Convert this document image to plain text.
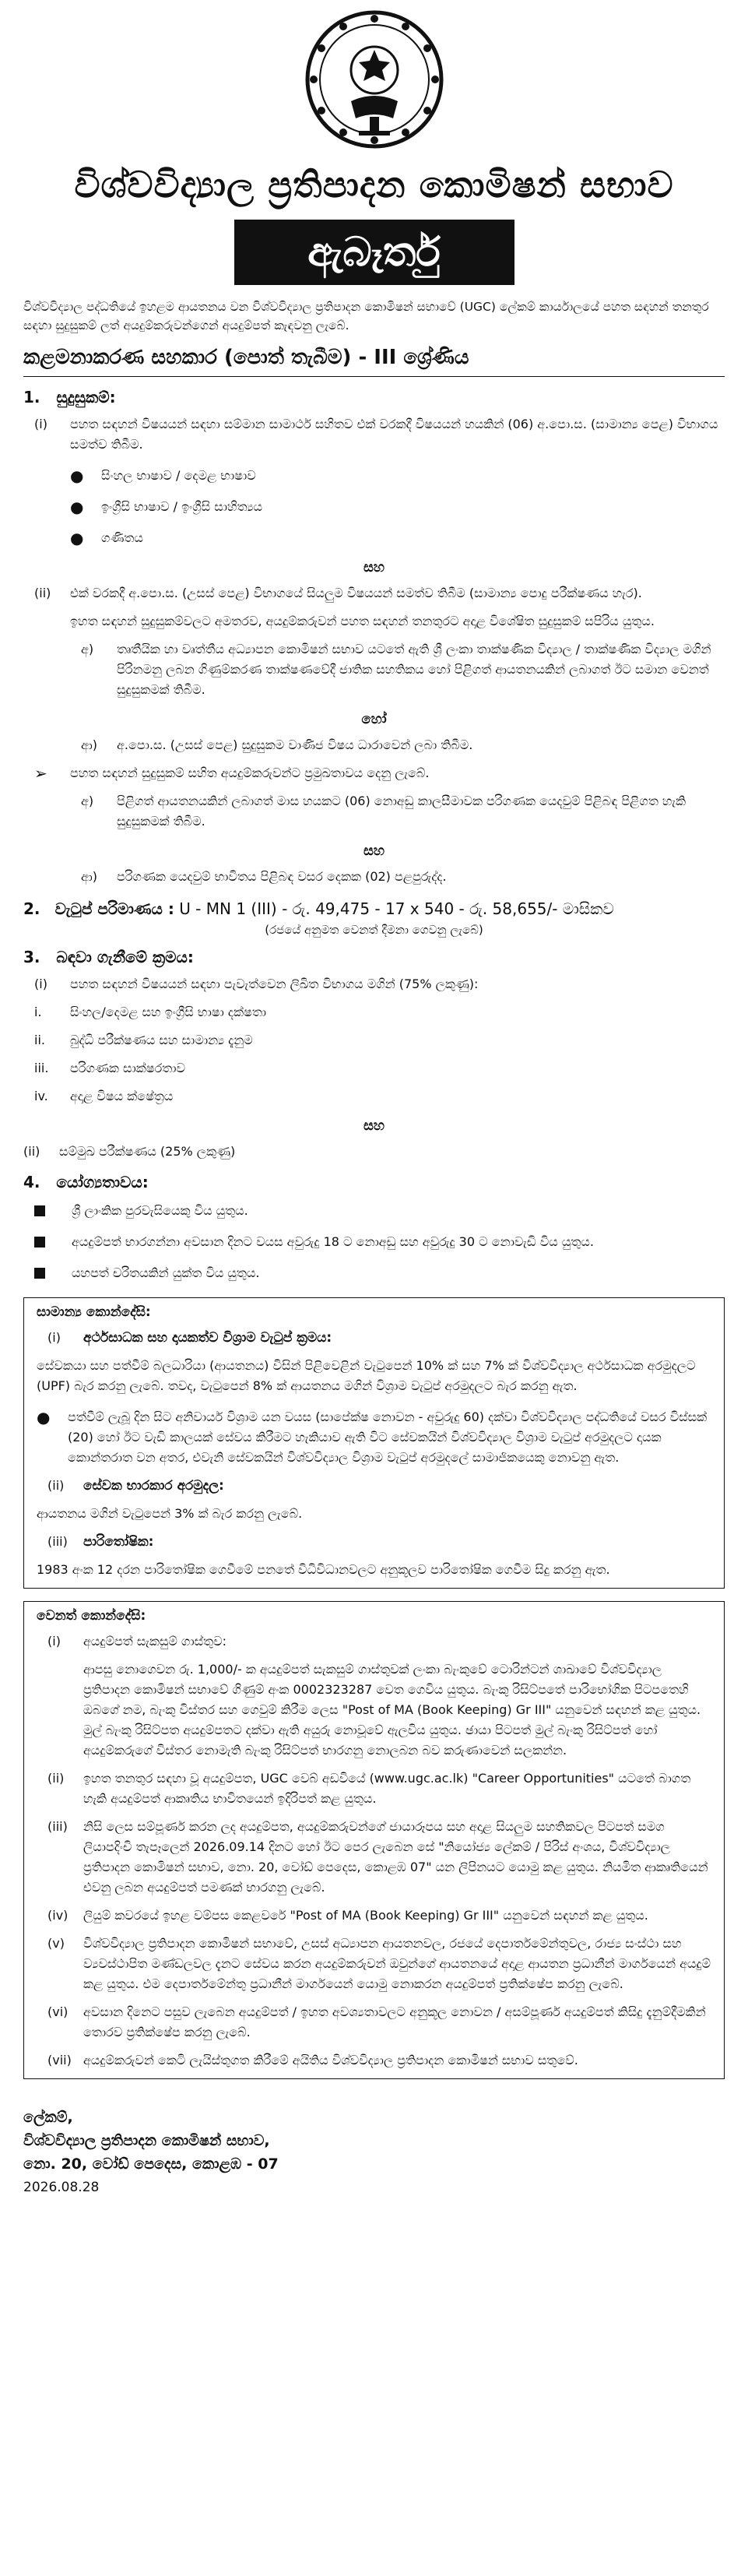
විශ්වවිද්‍යාල ප්‍රතිපාදන කොමිෂන් සභාව
ඇබෑර්තු
විශ්වවිද්‍යාල පද්ධතියේ ඉහළම ආයතනය වන විශ්වවිද්‍යාල ප්‍රතිපාදන කොමිෂන් සභාවේ (UGC) ලේකම් කාර්යාලයේ පහත සඳහන් තනතුර සඳහා සුදුසුකම් ලත් අයදුම්කරුවන්ගෙන් අයදුම්පත් කැඳවනු ලැබේ.
කළමනාකරණ සහකාර (පොත් තැබීම) - III ශ්‍රේණිය
1. සුදුසුකම්:
(i)	පහත සඳහන් විෂයයන් සඳහා සම්මාන සාමාර්ථ සහිතව එක් වරකදී විෂයයන් හයකින් (06) අ.පො.ස. (සාමාන්‍ය පෙළ) විභාගය සමත්ව තිබීම.
●	සිංහල භාෂාව / දෙමළ භාෂාව
●	ඉංග්‍රීසි භාෂාව / ඉංග්‍රීසි සාහිත්‍යය
●	ගණිතය
සහ
(ii)	එක් වරකදී අ.පො.ස. (උසස් පෙළ) විභාගයේ සියලුම විෂයයන් සමත්ව තිබීම (සාමාන්‍ය පොදු පරීක්ෂණය හැර).
ඉහත සඳහන් සුදුසුකම්වලට අමතරව, අයදුම්කරුවන් පහත සඳහන් තනතුරට අදාළ විශේෂිත සුදුසුකම් සපිරිය යුතුය.
අ)	තෘතීයික හා වෘත්තීය අධ්‍යාපන කොමිෂන් සභාව යටතේ ඇති ශ්‍රී ලංකා තාක්ෂණික විද්‍යාල / තාක්ෂණික විද්‍යාල මගින් පිරිනමනු ලබන ගිණුම්කරණ තාක්ෂණවේදී ජාතික සහතිකය හෝ පිළිගත් ආයතනයකින් ලබාගත් ඊට සමාන වෙනත් සුදුසුකමක් තිබීම.
හෝ
ආ)	අ.පො.ස. (උසස් පෙළ) සුදුසුකම වාණිජ විෂය ධාරාවෙන් ලබා තිබීම.
➢	පහත සඳහන් සුදුසුකම් සහිත අයදුම්කරුවන්ට ප්‍රමුඛතාවය දෙනු ලැබේ.
අ)	පිළිගත් ආයතනයකින් ලබාගත් මාස හයකට (06) නොඅඩු කාලසීමාවක පරිගණක යෙදවුම් පිළිබඳ පිළිගත හැකි සුදුසුකමක් තිබීම.
සහ
ආ)	පරිගණක යෙදවුම් භාවිතය පිළිබඳ වසර දෙකක (02) පළපුරුද්ද.
2. වැටුප් පරිමාණය : U - MN 1 (III) - රු. 49,475 - 17 x 540 - රු. 58,655/- මාසිකව
(රජයේ අනුමත වෙනත් දීමනා ගෙවනු ලැබේ)
3. බඳවා ගැනීමේ ක්‍රමය:
(i)	පහත සඳහන් විෂයයන් සඳහා පැවැත්වෙන ලිඛිත විභාගය මගින් (75% ලකුණු):
i.	සිංහල/දෙමළ සහ ඉංග්‍රීසි භාෂා දක්ෂතා
ii.	බුද්ධි පරීක්ෂණය සහ සාමාන්‍ය දැනුම
iii.	පරිගණක සාක්ෂරතාව
iv.	අදාළ විෂය ක්ෂේත්‍රය
සහ
(ii)	සම්මුඛ පරීක්ෂණය (25% ලකුණු)
4. යෝග්‍යතාවය:
ශ්‍රී ලාංකික පුරවැසියෙකු විය යුතුය.
අයදුම්පත් භාරගන්නා අවසාන දිනට වයස අවුරුදු 18 ට නොඅඩු සහ අවුරුදු 30 ට නොවැඩි විය යුතුය.
යහපත් චරිතයකින් යුක්ත විය යුතුය.
සාමාන්‍ය කොන්දේසි:
(i)	අර්ථසාධක සහ දායකත්ව විශ්‍රාම වැටුප් ක්‍රමය:
සේවකයා සහ පත්වීම් බලධාරියා (ආයතනය) විසින් පිළිවෙළින් වැටුපෙන් 10% ක් සහ 7% ක් විශ්වවිද්‍යාල අර්ථසාධක අරමුදලට (UPF) බැර කරනු ලැබේ. තවද, වැටුපෙන් 8% ක් ආයතනය මගින් විශ්‍රාම වැටුප් අරමුදලට බැර කරනු ඇත.
●	පත්වීම් ලැබූ දින සිට අනිවාර්ය විශ්‍රාම යන වයස (සාපේක්ෂ නොවන - අවුරුදු 60) දක්වා විශ්වවිද්‍යාල පද්ධතියේ වසර විස්සක් (20) හෝ ඊට වැඩි කාලයක් සේවය කිරීමට හැකියාව ඇති විට සේවකයින් විශ්වවිද්‍යාල විශ්‍රාම වැටුප් අරමුදලට දායක කොන්තරාත වන අතර, එවැනි සේවකයින් විශ්වවිද්‍යාල විශ්‍රාම වැටුප් අරමුදලේ සාමාජිකයෙකු නොවනු ඇත.
(ii)	සේවක භාරකාර අරමුදල:
ආයතනය මගින් වැටුපෙන් 3% ක් බැර කරනු ලැබේ.
(iii)	පාරිතෝෂික:
1983 අංක 12 දරන පාරිතෝෂික ගෙවීමේ පනතේ විධිවිධානවලට අනුකූලව පාරිතෝෂික ගෙවීම සිදු කරනු ඇත.
වෙනත් කොන්දේසි:
(i)	අයදුම්පත් සැකසුම් ගාස්තුව:
ආපසු නොගෙවන රු. 1,000/- ක අයදුම්පත් සැකසුම් ගාස්තුවක් ලංකා බැංකුවේ ටොරින්ටන් ශාඛාවේ විශ්වවිද්‍යාල ප්‍රතිපාදන කොමිෂන් සභාවේ ගිණුම් අංක 0002323287 වෙත ගෙවිය යුතුය. බැංකු රිසිට්පතේ පාරිභෝගික පිටපතෙහි ඔබගේ නම, බැංකු විස්තර සහ ගෙවුම් කිරීම ලෙස "Post of MA (Book Keeping) Gr III" යනුවෙන් සඳහන් කළ යුතුය. මුල් බැංකු රිසිට්පත අයදුම්පතට දක්වා ඇති අයුරු නොවූවේ ඇලවිය යුතුය. ඡායා පිටපත් මුල් බැංකු රිසිට්පත් හෝ අයදුම්කරුගේ විස්තර නොමැති බැංකු රිසිට්පත් භාරගනු නොලබන බව කරුණාවෙන් සලකන්න.
(ii)	ඉහත තනතුර සඳහා වූ අයදුම්පත, UGC වෙබ් අඩවියේ (www.ugc.ac.lk) "Career Opportunities" යටතේ බාගත හැකි අයදුම්පත් ආකෘතිය භාවිතයෙන් ඉදිරිපත් කළ යුතුය.
(iii)	නිසි ලෙස සම්පූර්ණ කරන ලද අයදුම්පත, අයදුම්කරුවන්ගේ ජායාරූපය සහ අදාළ සියලුම සහතිකවල පිටපත් සමග ලියාපදිංචි තැපෑලෙන් 2026.09.14 දිනට හෝ ඊට පෙර ලැබෙන සේ "නියෝජ්‍ය ලේකම් / පිරිස් අංශය, විශ්වවිද්‍යාල ප්‍රතිපාදන කොමිෂන් සභාව, නො. 20, වෝඩ් පෙදෙස, කොළඹ 07" යන ලිපිනයට යොමු කළ යුතුය. නියමිත ආකෘතියෙන් එවනු ලබන අයදුම්පත් පමණක් භාරගනු ලැබේ.
(iv)	ලියුම් කවරයේ ඉහළ වම්පස කෙළවරේ "Post of MA (Book Keeping) Gr III" යනුවෙන් සඳහන් කළ යුතුය.
(v)	විශ්වවිද්‍යාල ප්‍රතිපාදන කොමිෂන් සභාවේ, උසස් අධ්‍යාපන ආයතනවල, රජයේ දෙපාර්තමේන්තුවල, රාජ්‍ය සංස්ථා සහ ව්‍යවස්ථාපිත මණ්ඩලවල දැනට සේවය කරන අයදුම්කරුවන් ඔවුන්ගේ ආයතනයේ අදාළ ආයතන ප්‍රධානීන් මාර්ගයෙන් අයදුම් කළ යුතුය. එම දෙපාර්තමේන්තු ප්‍රධානීන් මාර්ගයෙන් යොමු නොකරන අයදුම්පත් ප්‍රතික්ෂේප කරනු ලැබේ.
(vi)	අවසාන දිනෙට පසුව ලැබෙන අයදුම්පත් / ඉහත අවශ්‍යතාවලට අනුකූල නොවන / අසම්පූර්ණ අයදුම්පත් කිසිදු දැනුම්දීමකින් තොරව ප්‍රතික්ෂේප කරනු ලැබේ.
(vii) අයදුම්කරුවන් කෙටි ලැයිස්තුගත කිරීමේ අයිතිය විශ්වවිද්‍යාල ප්‍රතිපාදන කොමිෂන් සභාව සතුවේ.
ලේකම්,
විශ්වවිද්‍යාල ප්‍රතිපාදන කොමිෂන් සභාව,
නො. 20, වෝඩ් පෙදෙස, කොළඹ - 07
2026.08.28
